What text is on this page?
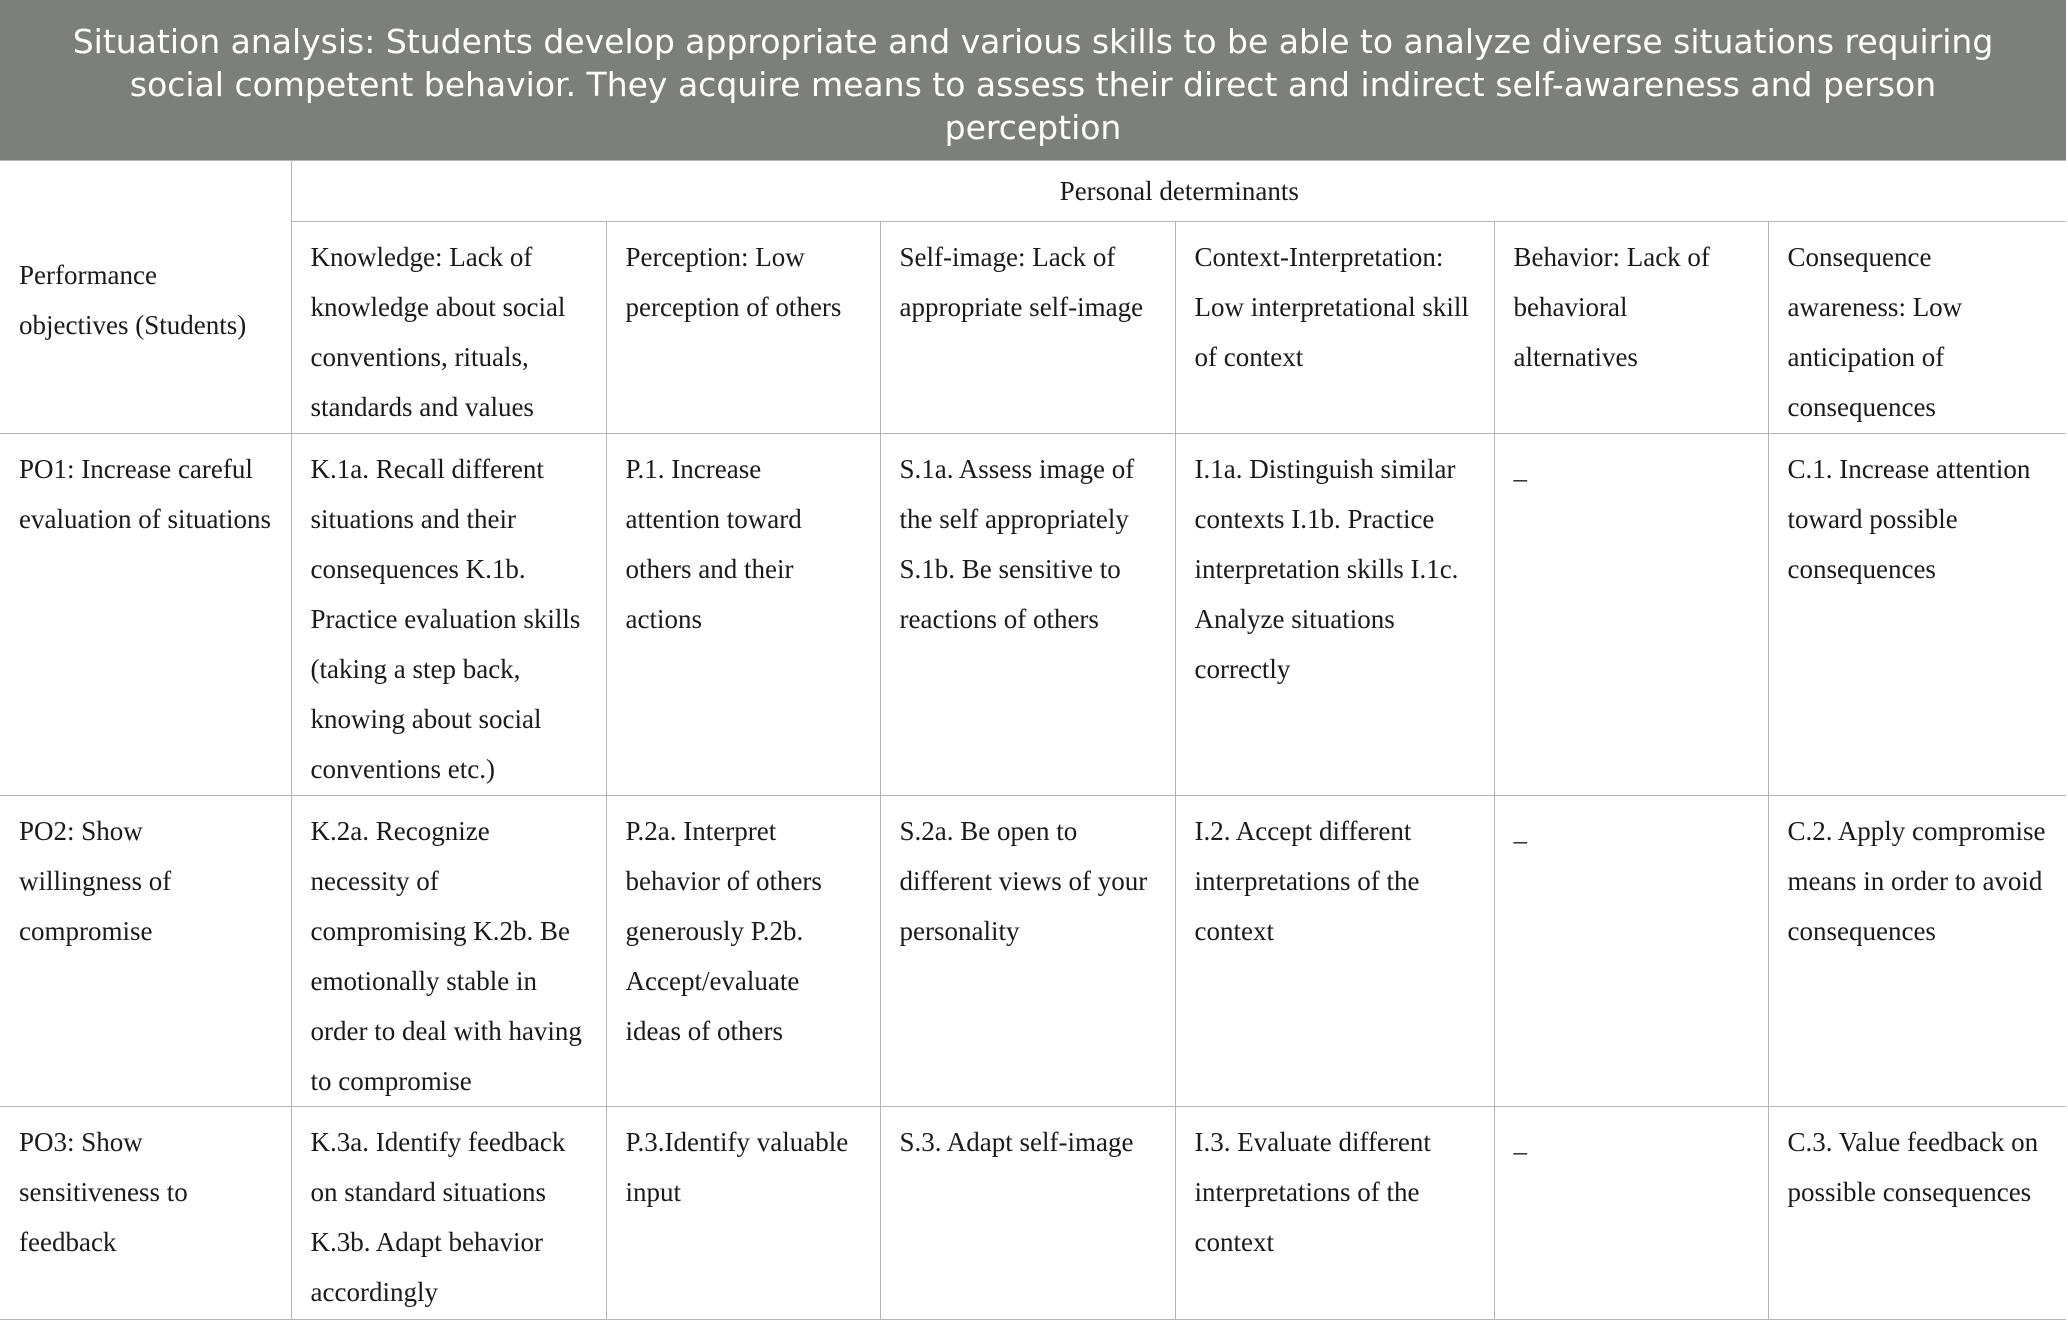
Situation analysis: Students develop appropriate and various skills to be able to analyze diverse situations requiring social competent behavior. They acquire means to assess their direct and indirect self-awareness and person perception
Performance objectives (Students)	Personal determinants					
	Knowledge: Lack of knowledge about social conventions, rituals, standards and values	Perception: Low perception of others	Self-image: Lack of appropriate self-image	Context-Interpretation: Low interpretational skill of context	Behavior: Lack of behavioral alternatives	Consequence awareness: Low anticipation of consequences
PO1: Increase careful evaluation of situations	K.1a. Recall different situations and their consequences K.1b. Practice evaluation skills (taking a step back, knowing about social conventions etc.)	P.1. Increase attention toward others and their actions	S.1a. Assess image of the self appropriately S.1b. Be sensitive to reactions of others	I.1a. Distinguish similar contexts I.1b. Practice interpretation skills I.1c. Analyze situations correctly	_	C.1. Increase attention toward possible consequences
PO2: Show willingness of compromise	K.2a. Recognize necessity of compromising K.2b. Be emotionally stable in order to deal with having to compromise	P.2a. Interpret behavior of others generously P.2b. Accept/evaluate ideas of others	S.2a. Be open to different views of your personality	I.2. Accept different interpretations of the context	_	C.2. Apply compromise means in order to avoid consequences
PO3: Show sensitiveness to feedback	K.3a. Identify feedback on standard situations K.3b. Adapt behavior accordingly	P.3.Identify valuable input	S.3. Adapt self-image	I.3. Evaluate different interpretations of the context	_	C.3. Value feedback on possible consequences
